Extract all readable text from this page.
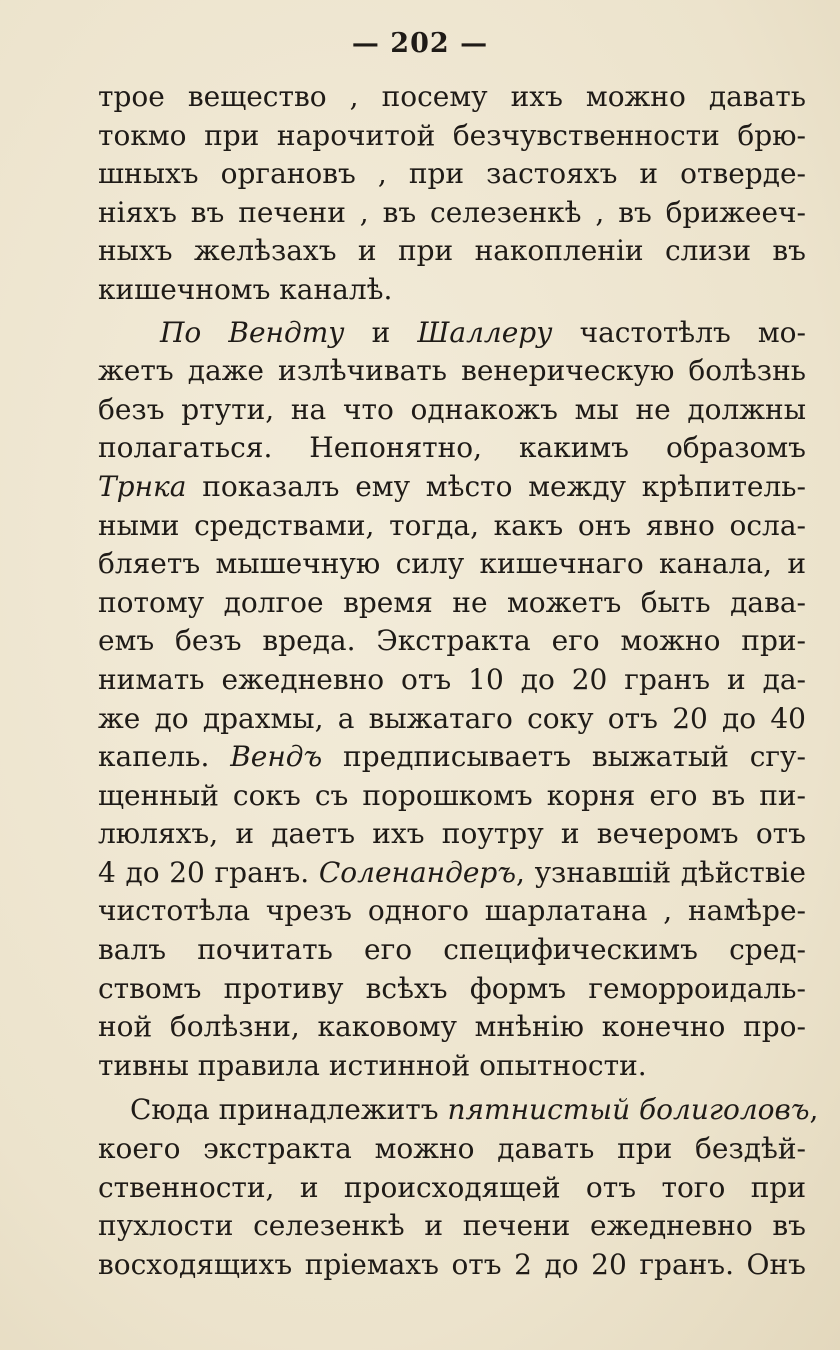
— 202 —
трое вещество , посему ихъ можно давать
токмо при нарочитой безчувственности брю-
шныхъ органовъ , при застояхъ и отверде-
ніяхъ въ печени , въ селезенкѣ , въ брижееч-
ныхъ желѣзахъ и при накопленіи слизи въ
кишечномъ каналѣ.
По Вендту и Шаллеру частотѣлъ мо-
жетъ даже излѣчивать венерическую болѣзнь
безъ ртути, на что однакожъ мы не должны
полагаться. Непонятно, какимъ образомъ
Трнка показалъ ему мѣсто между крѣпитель-
ными средствами, тогда, какъ онъ явно осла-
бляетъ мышечную силу кишечнаго канала, и
потому долгое время не можетъ быть дава-
емъ безъ вреда. Экстракта его можно при-
нимать ежедневно отъ 10 до 20 гранъ и да-
же до драхмы, а выжатаго соку отъ 20 до 40
капель. Вендъ предписываетъ выжатый сгу-
щенный сокъ съ порошкомъ корня его въ пи-
люляхъ, и даетъ ихъ поутру и вечеромъ отъ
4 до 20 гранъ. Соленандеръ, узнавшій дѣйствіе
чистотѣла чрезъ одного шарлатана , намѣре-
валъ почитать его специфическимъ сред-
ствомъ противу всѣхъ формъ геморроидаль-
ной болѣзни, каковому мнѣнію конечно про-
тивны правила истинной опытности.
Сюда принадлежитъ пятнистый болиголовъ,
коего экстракта можно давать при бездѣй-
ственности, и происходящей отъ того при
пухлости селезенкѣ и печени ежедневно въ
восходящихъ пріемахъ отъ 2 до 20 гранъ. Онъ
